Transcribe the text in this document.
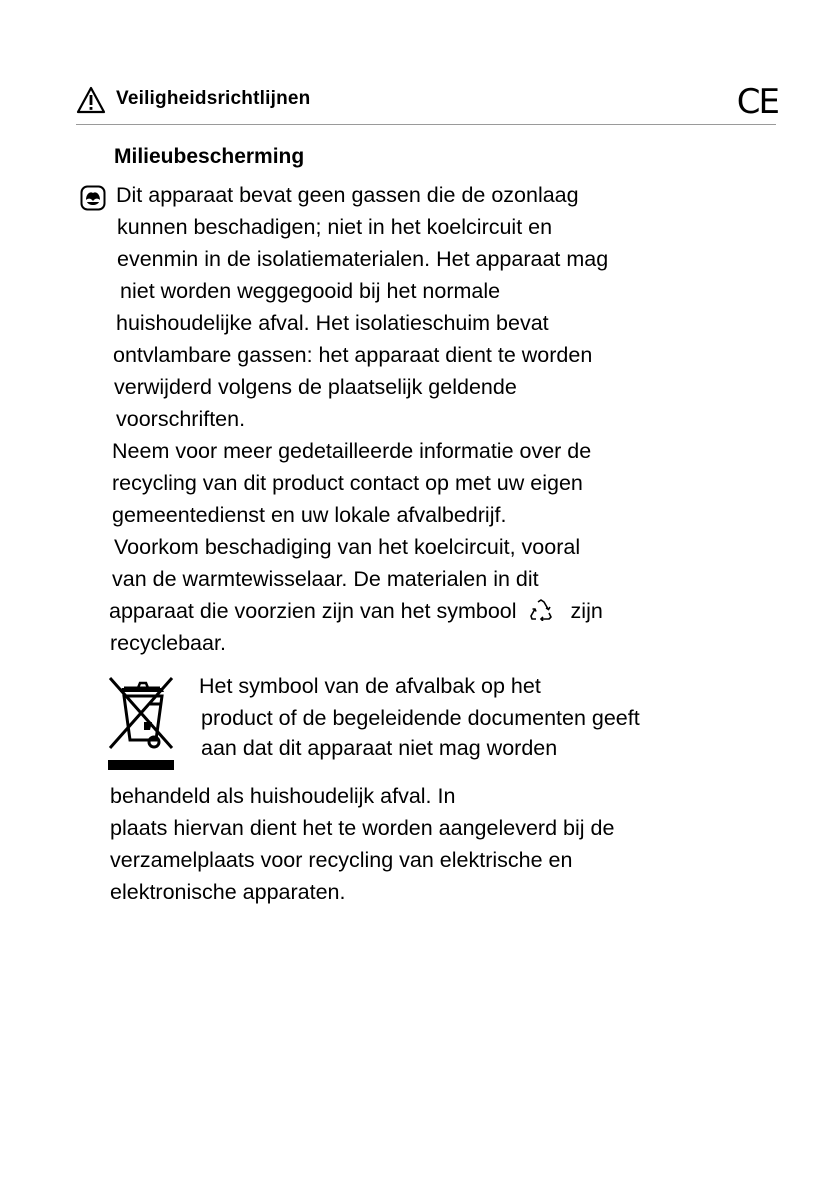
Veiligheidsrichtlijnen	CE
Milieubescherming
Dit apparaat bevat geen gassen die de ozonlaag
kunnen beschadigen; niet in het koelcircuit en
evenmin in de isolatiematerialen. Het apparaat mag
niet worden weggegooid bij het normale
huishoudelijke afval. Het isolatieschuim bevat
ontvlambare gassen: het apparaat dient te worden
verwijderd volgens de plaatselijk geldende
voorschriften.
Neem voor meer gedetailleerde informatie over de
recycling van dit product contact op met uw eigen
gemeentedienst en uw lokale afvalbedrijf.
Voorkom beschadiging van het koelcircuit, vooral
van de warmtewisselaar. De materialen in dit
apparaat die voorzien zijn van het symbool	zijn
recyclebaar.
Het symbool van de afvalbak op het
product of de begeleidende documenten geeft
aan dat dit apparaat niet mag worden
behandeld als huishoudelijk afval. In
plaats hiervan dient het te worden aangeleverd bij de
verzamelplaats voor recycling van elektrische en
elektronische apparaten.
